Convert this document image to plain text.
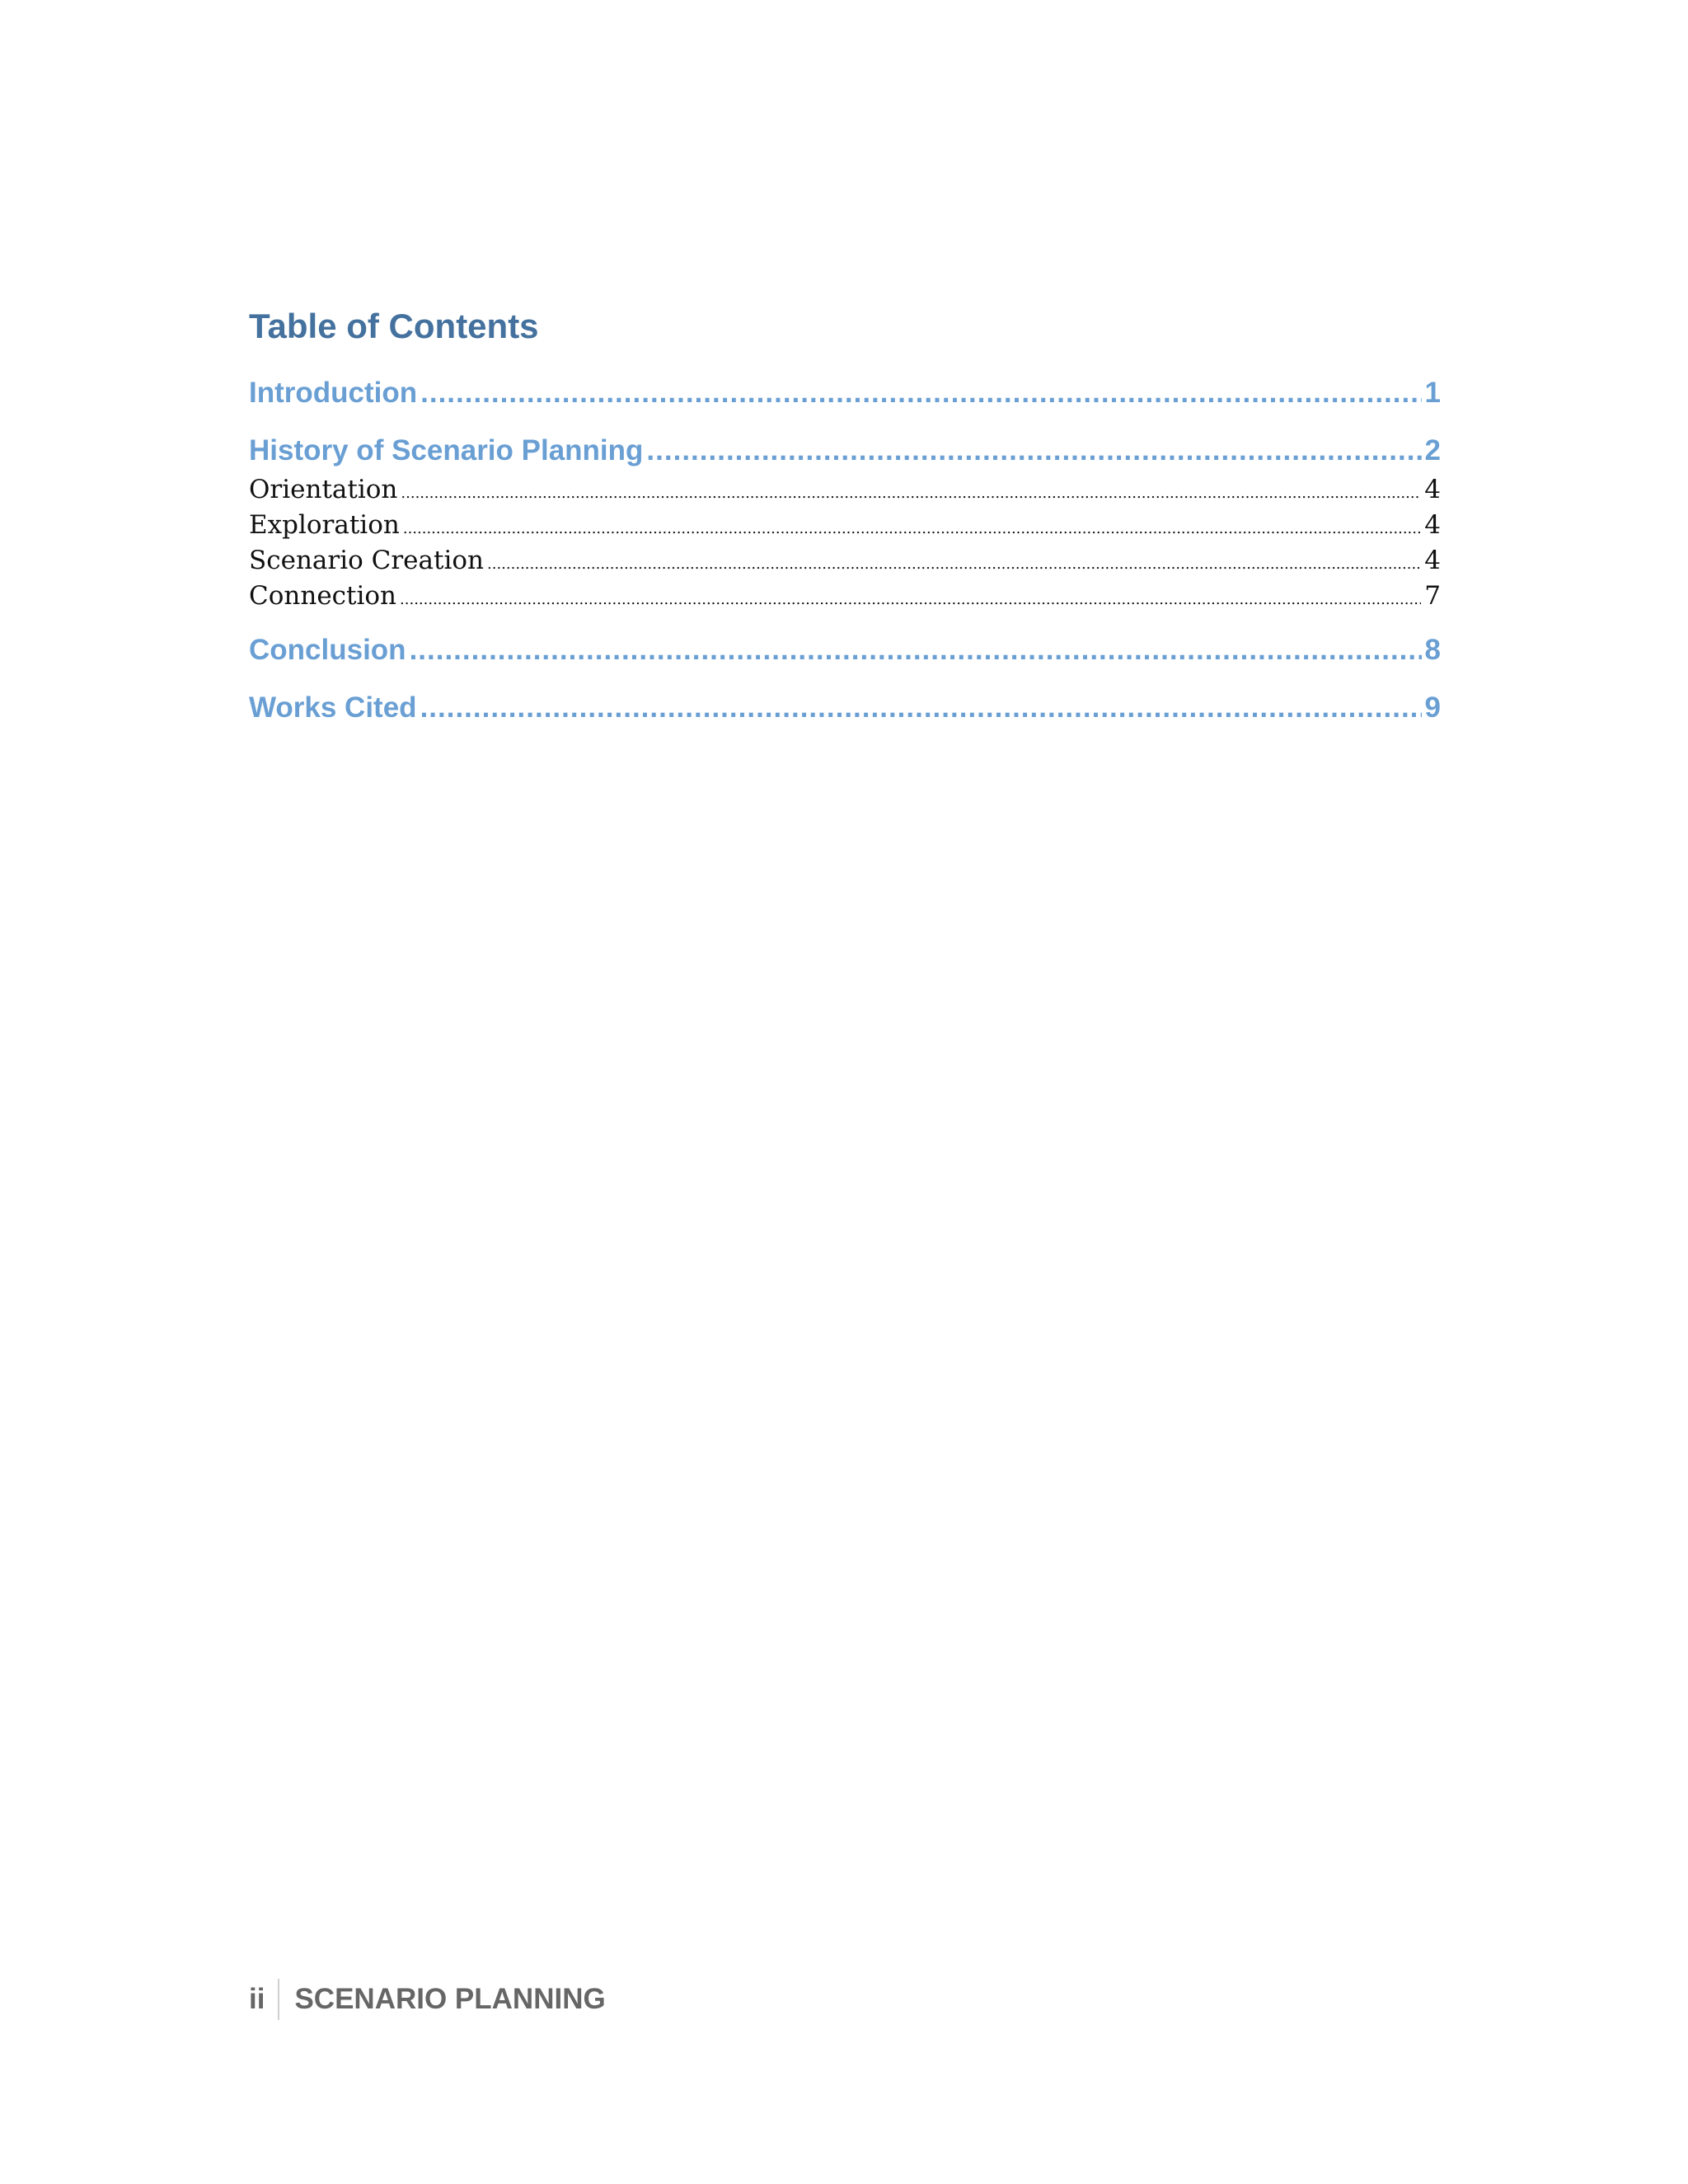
Table of Contents
Introduction .....	1
History of Scenario Planning .....	2
Orientation .....	4
Exploration .....	4
Scenario Creation .....	4
Connection .....	7
Conclusion .....	8
Works Cited .....	9
ii	SCENARIO PLANNING
